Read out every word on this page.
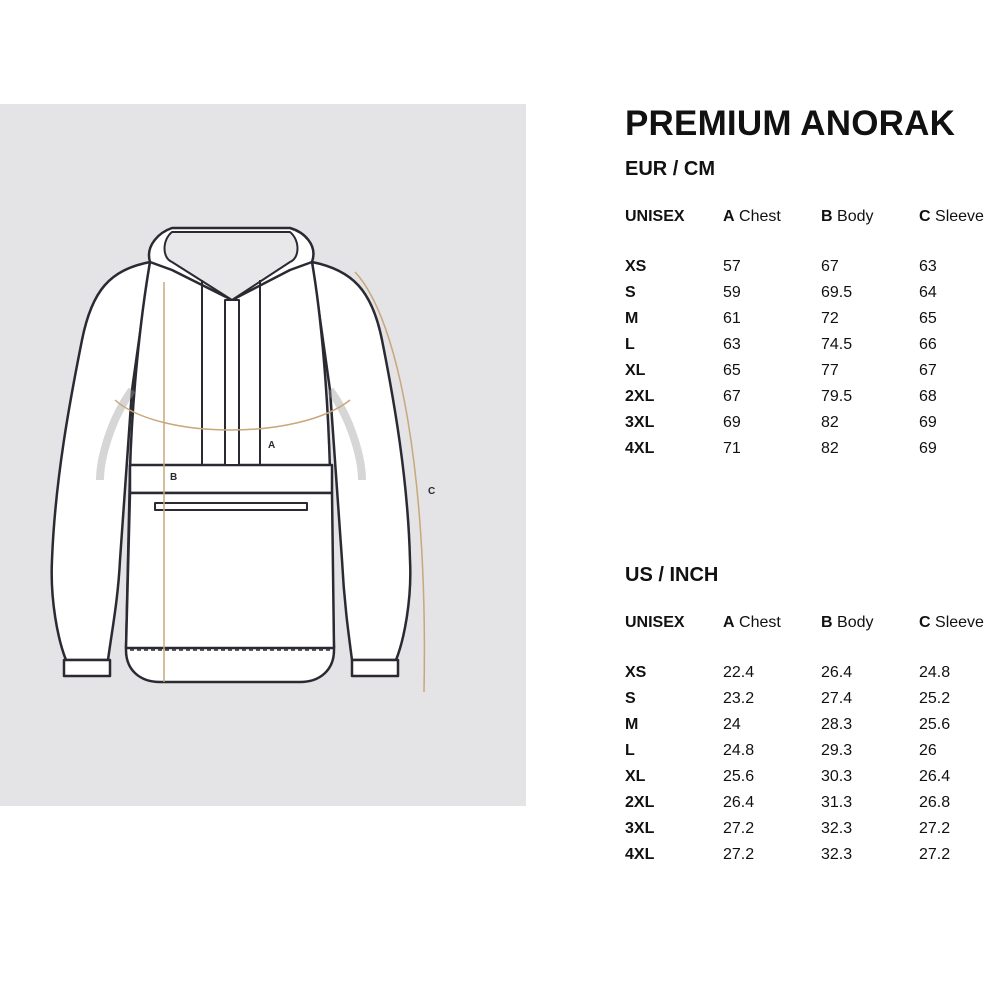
A
B
C
PREMIUM ANORAK
EUR / CM
UNISEX A Chest	B Body	C Sleeve
XS	57	67	63
S	59	69.5	64
M	61	72	65
L	63	74.5	66
XL	65	77	67
2XL	67	79.5	68
3XL	69	82	69
4XL	71	82	69
US / INCH
UNISEX A Chest	B Body	C Sleeve
XS	22.4	26.4	24.8
S	23.2	27.4	25.2
M	24	28.3	25.6
L	24.8	29.3	26
XL	25.6	30.3	26.4
2XL	26.4	31.3	26.8
3XL	27.2	32.3	27.2
4XL	27.2	32.3	27.2
